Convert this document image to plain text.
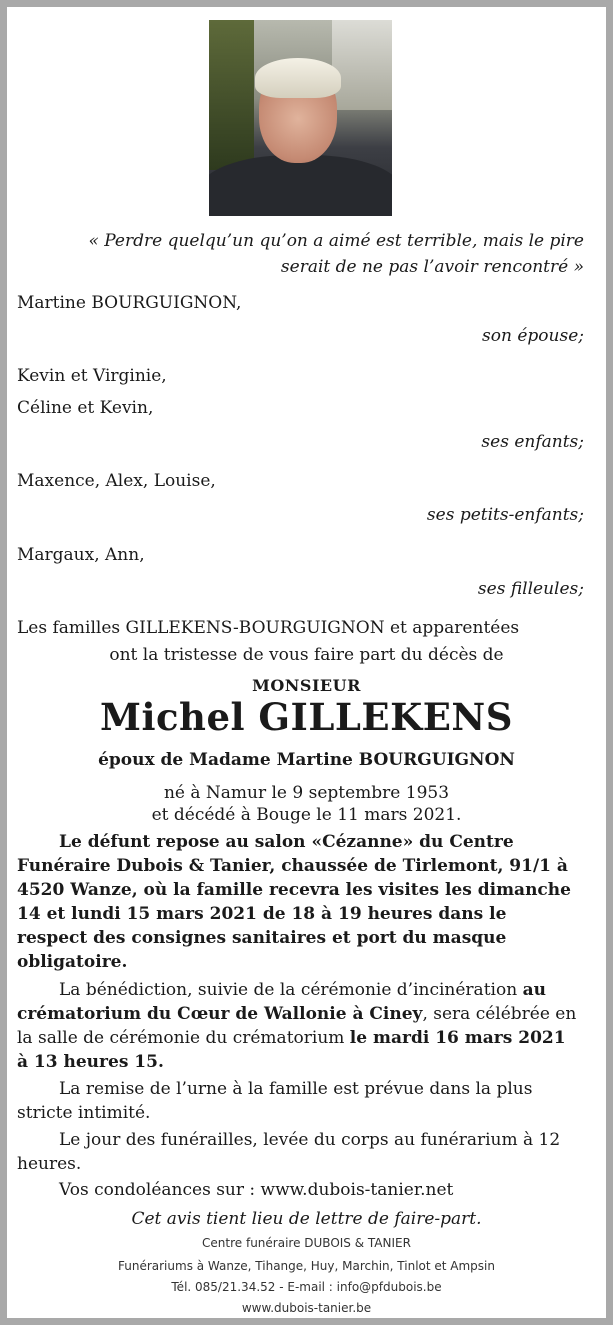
« Perdre quelqu’un qu’on a aimé est terrible, mais le pire
serait de ne pas l’avoir rencontré »
Martine BOURGUIGNON,
son épouse;
Kevin et Virginie,
Céline et Kevin,
ses enfants;
Maxence, Alex, Louise,
ses petits-enfants;
Margaux, Ann,
ses filleules;
Les familles GILLEKENS-BOURGUIGNON et apparentées
ont la tristesse de vous faire part du décès de
MONSIEUR
Michel GILLEKENS
époux de Madame Martine BOURGUIGNON
né à Namur le 9 septembre 1953
et décédé à Bouge le 11 mars 2021.
Le défunt repose au salon «Cézanne» du Centre Funéraire Dubois & Tanier, chaussée de Tirlemont, 91/1 à 4520 Wanze, où la famille recevra les visites les dimanche 14 et lundi 15 mars 2021 de 18 à 19 heures dans le respect des consignes sanitaires et port du masque obligatoire.
La bénédiction, suivie de la cérémonie d’incinération au crématorium du Cœur de Wallonie à Ciney, sera célébrée en la salle de cérémonie du crématorium le mardi 16 mars 2021 à 13 heures 15.
La remise de l’urne à la famille est prévue dans la plus stricte intimité.
Le jour des funérailles, levée du corps au funérarium à 12 heures.
Vos condoléances sur : www.dubois-tanier.net
Cet avis tient lieu de lettre de faire-part.
Centre funéraire DUBOIS & TANIER
Funérariums à Wanze, Tihange, Huy, Marchin, Tinlot et Ampsin
Tél. 085/21.34.52 - E-mail : info@pfdubois.be
www.dubois-tanier.be
